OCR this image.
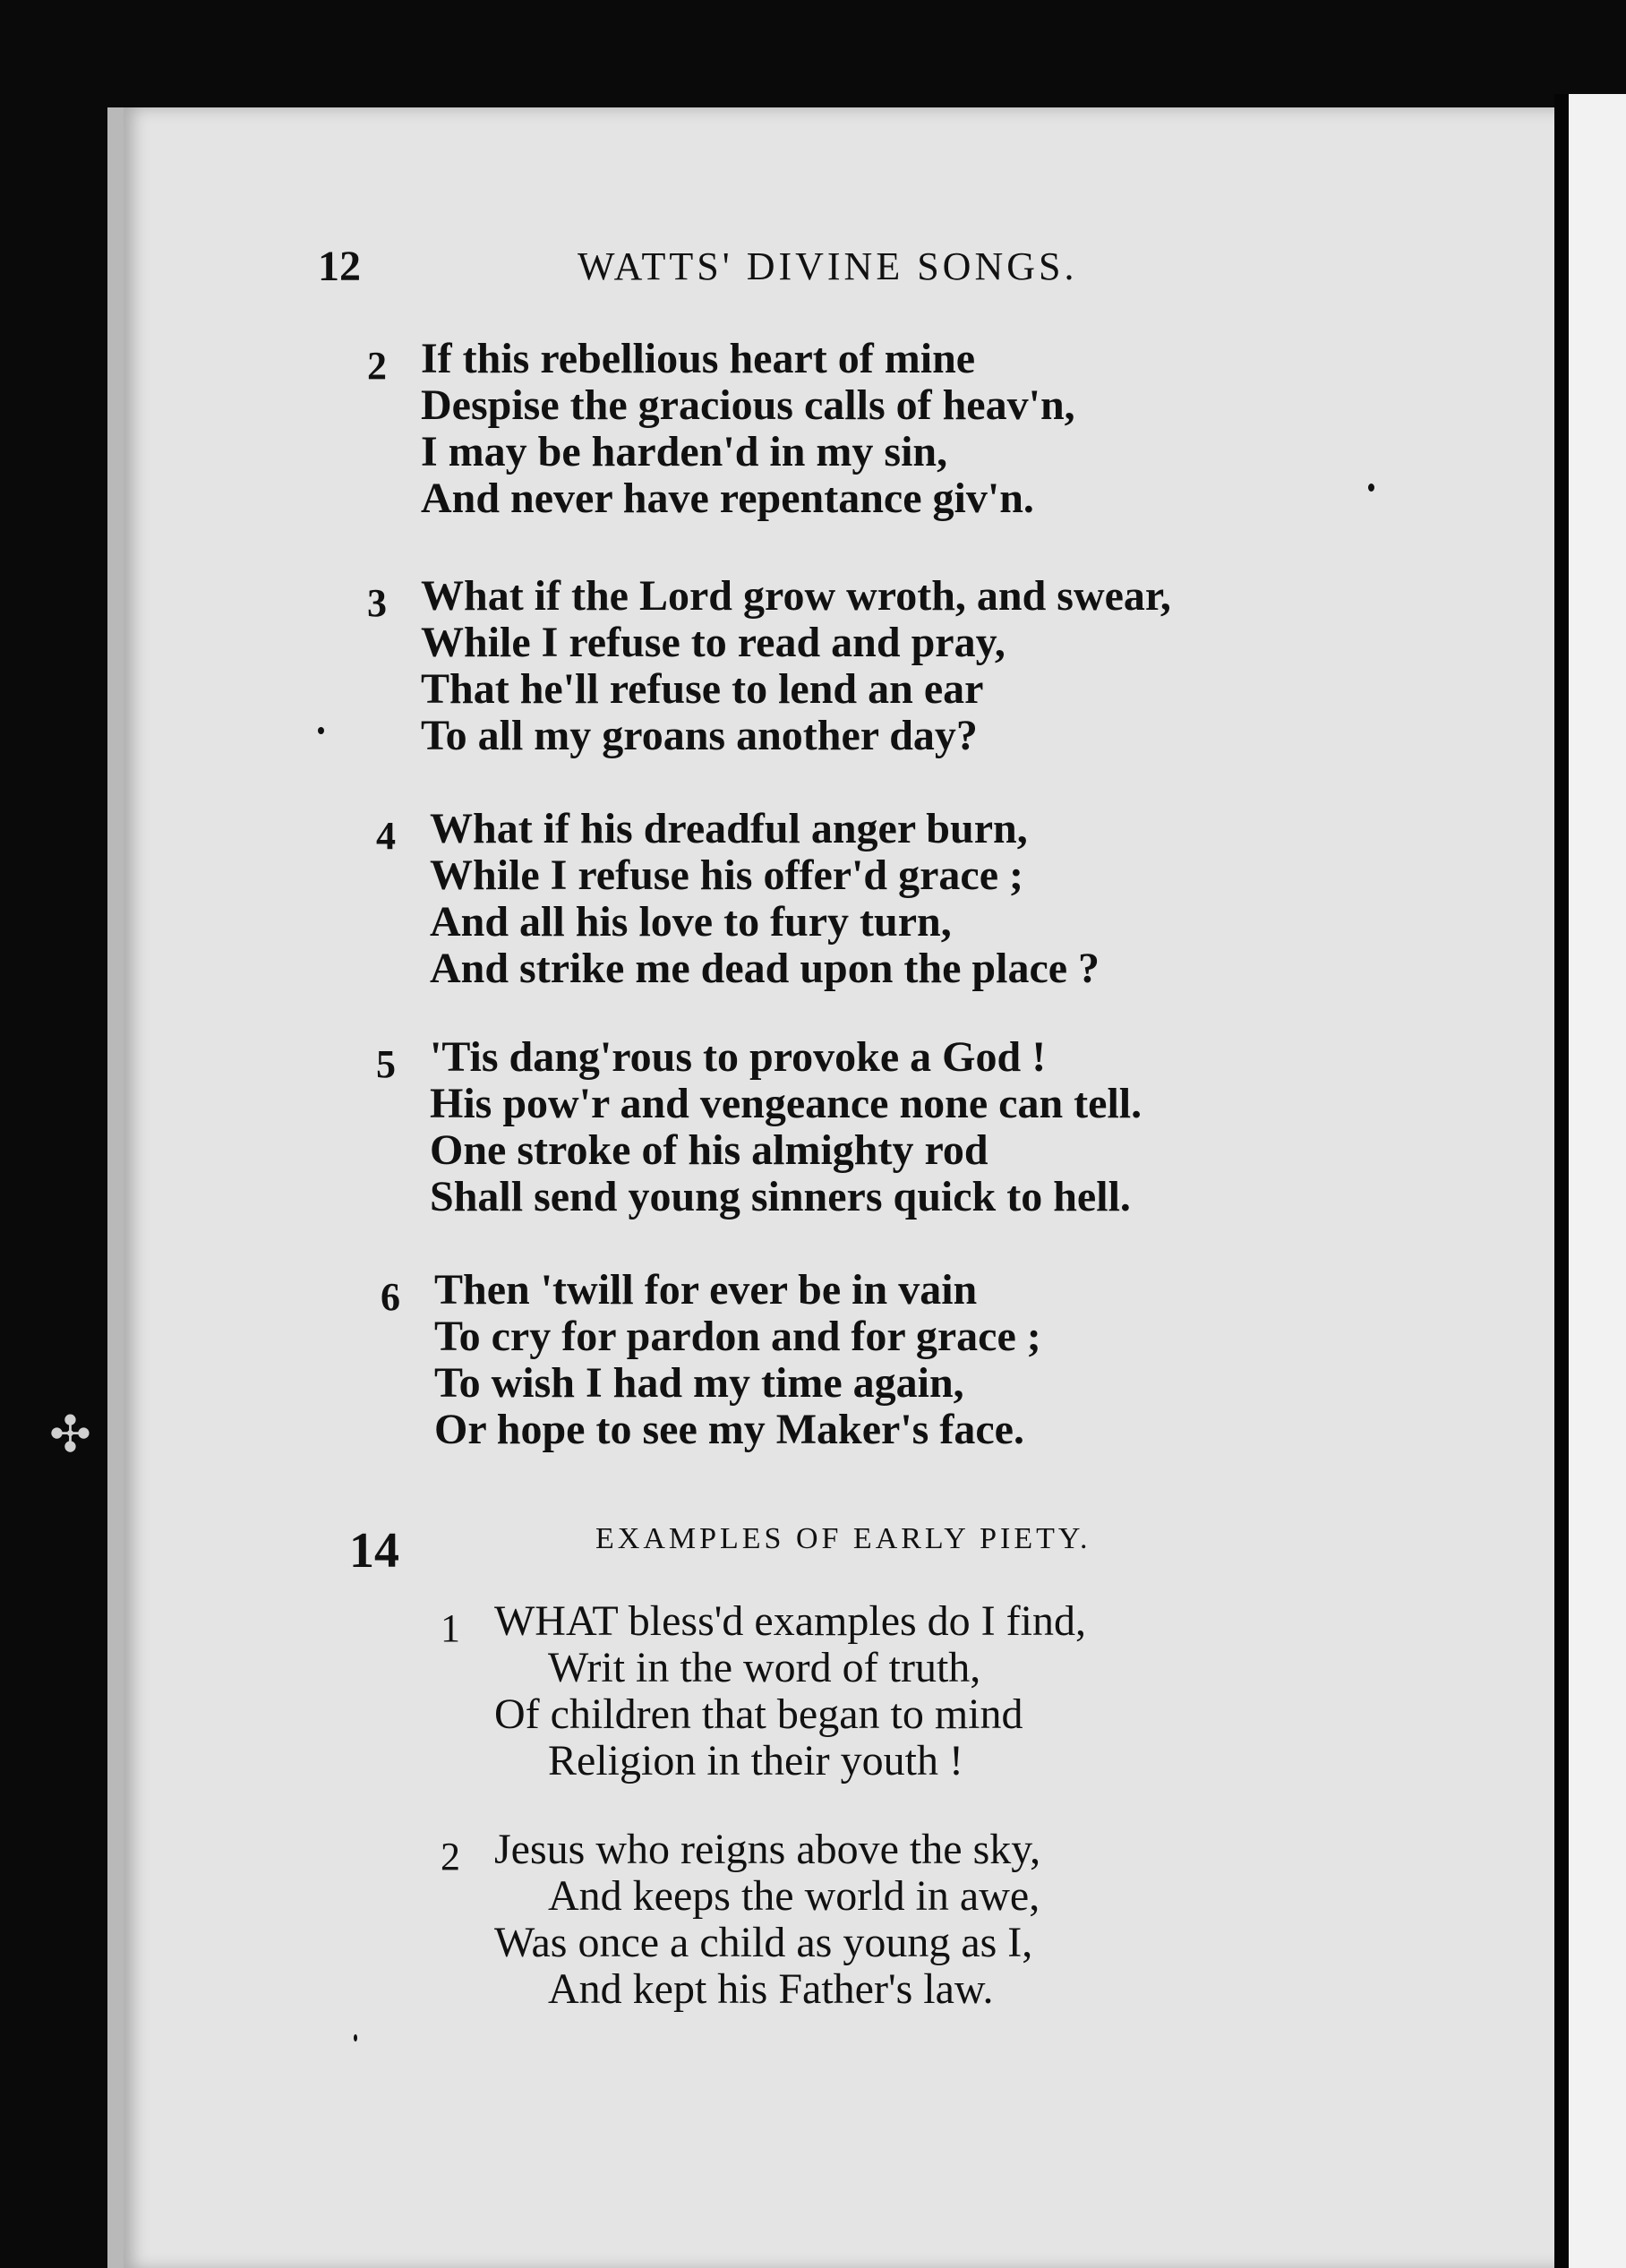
✣
12	WATTS' DIVINE SONGS.
2 If this rebellious heart of mine
Despise the gracious calls of heav'n,
I may be harden'd in my sin,
And never have repentance giv'n.
3 What if the Lord grow wroth, and swear,
While I refuse to read and pray,
That he'll refuse to lend an ear
To all my groans another day?
4 What if his dreadful anger burn,
While I refuse his offer'd grace ;
And all his love to fury turn,
And strike me dead upon the place ?
5 'Tis dang'rous to provoke a God !
His pow'r and vengeance none can tell.
One stroke of his almighty rod
Shall send young sinners quick to hell.
6 Then 'twill for ever be in vain
To cry for pardon and for grace ;
To wish I had my time again,
Or hope to see my Maker's face.
14	EXAMPLES OF EARLY PIETY.
1 WHAT bless'd examples do I find,
Writ in the word of truth,
Of children that began to mind
Religion in their youth !
2 Jesus who reigns above the sky,
And keeps the world in awe,
Was once a child as young as I,
And kept his Father's law.
